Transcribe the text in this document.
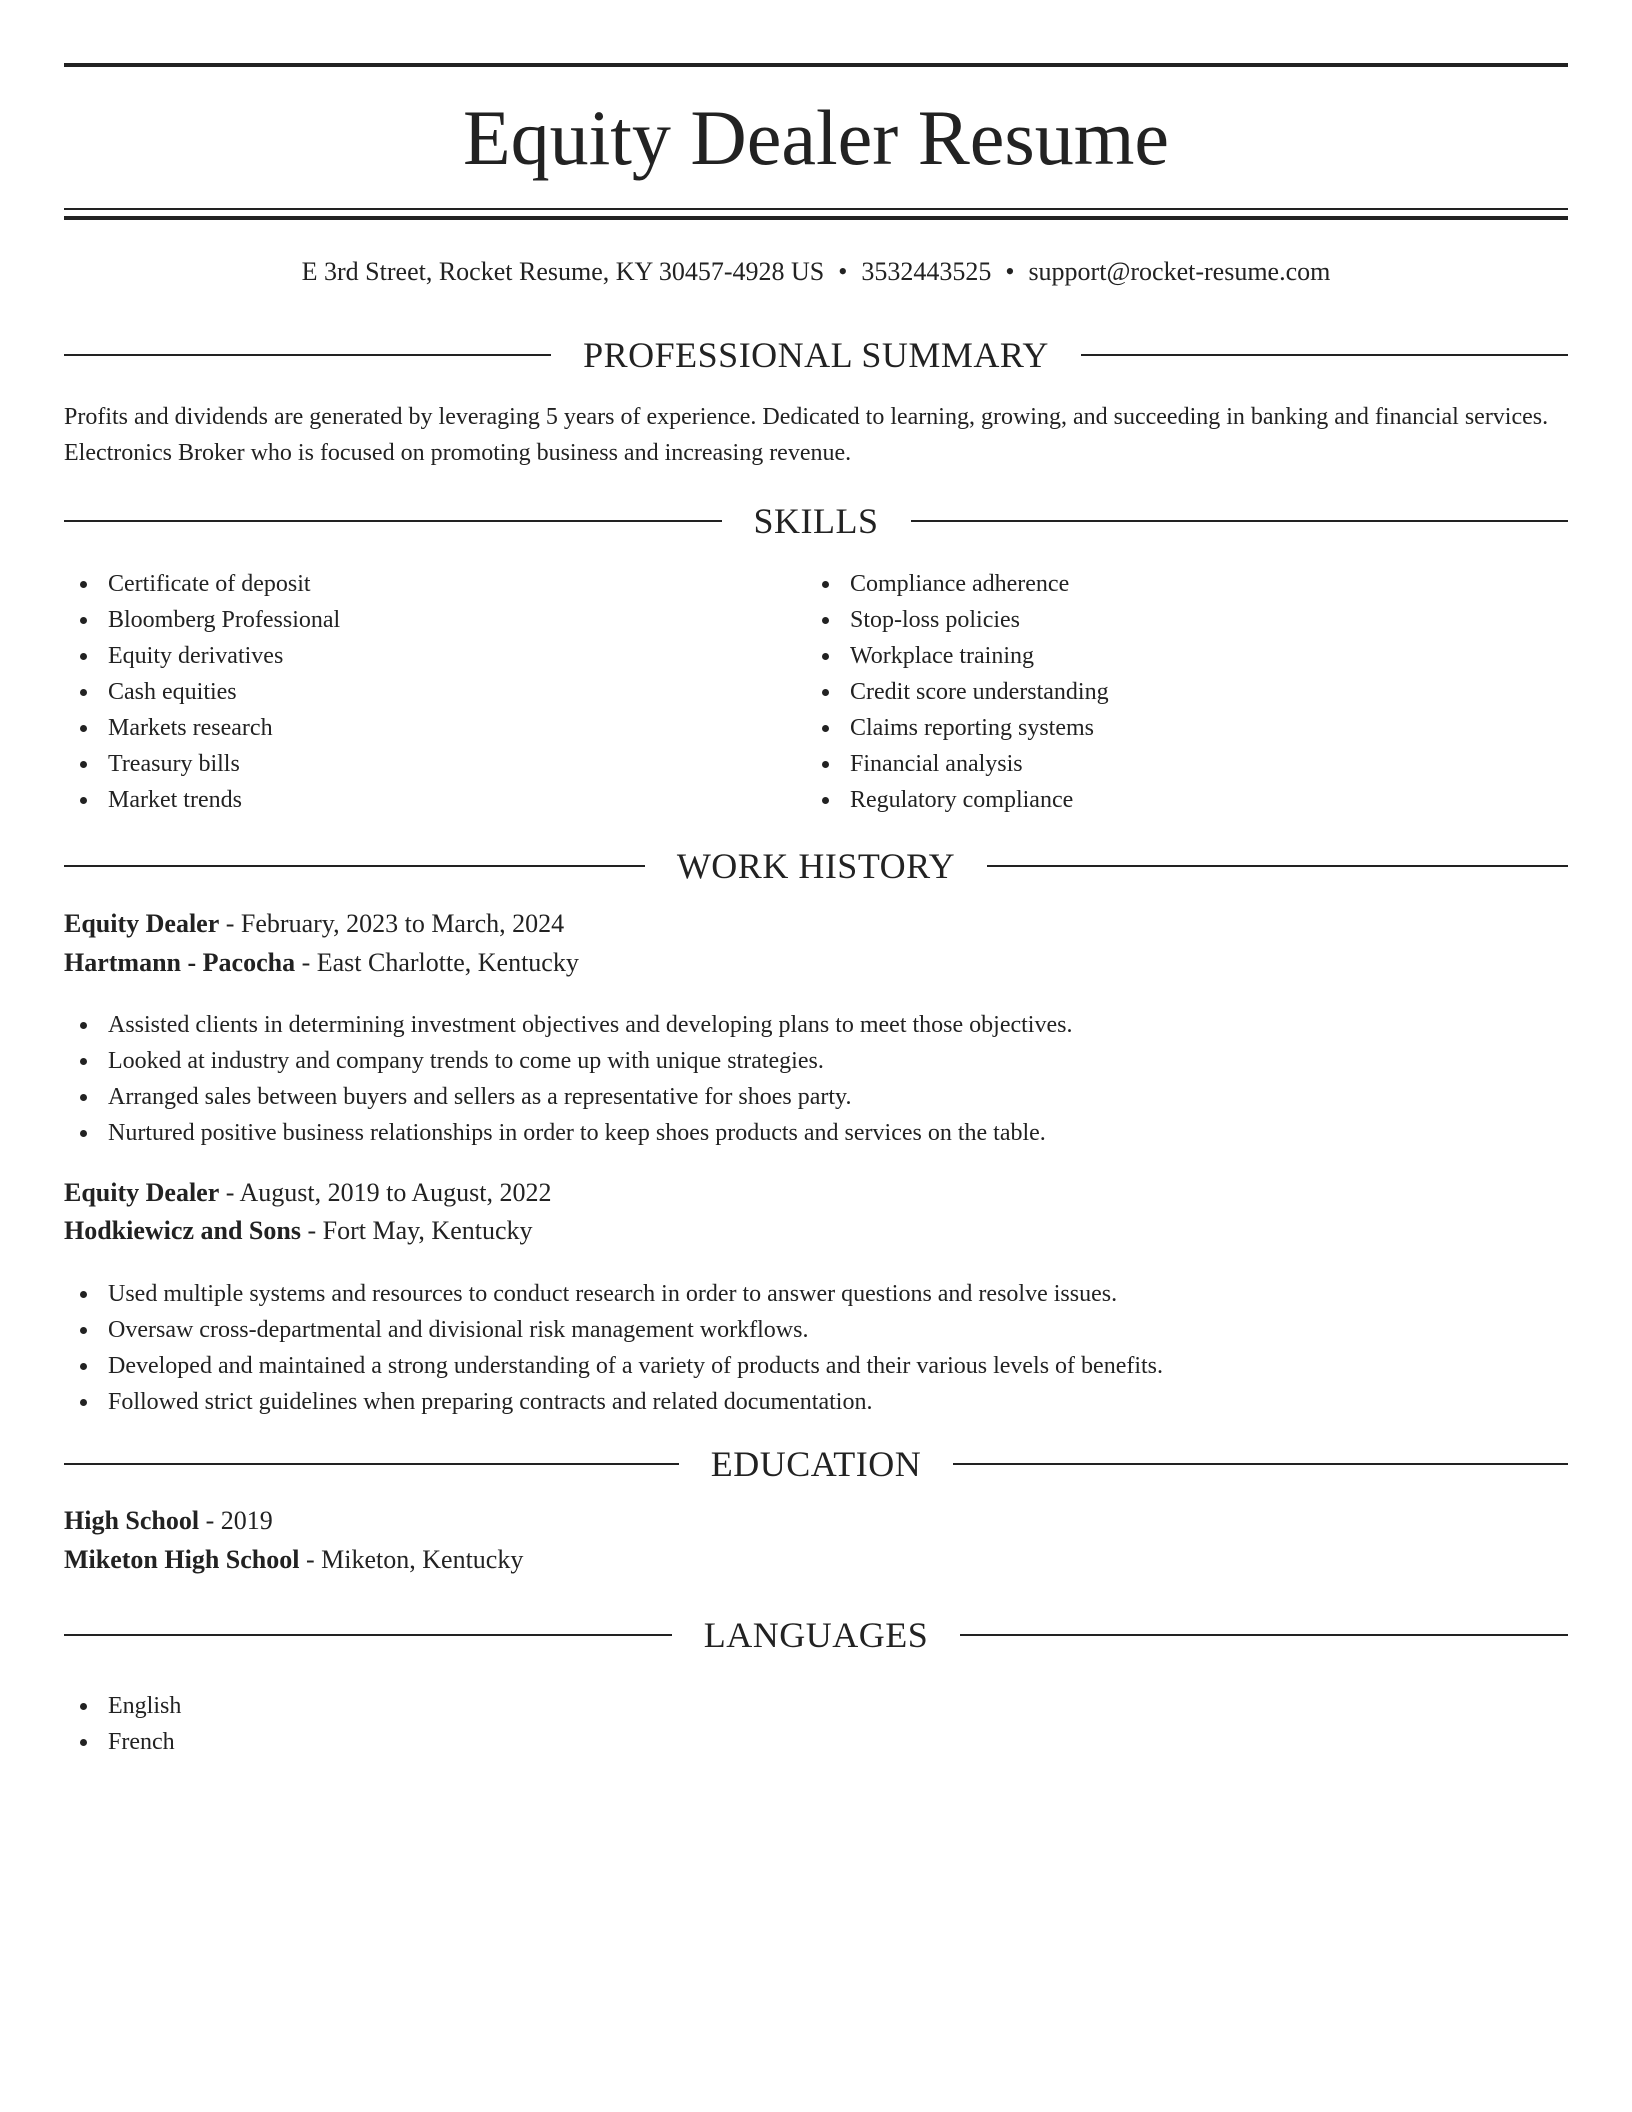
Equity Dealer Resume
E 3rd Street, Rocket Resume, KY 30457-4928 US • 3532443525 • support@rocket-resume.com
PROFESSIONAL SUMMARY

Profits and dividends are generated by leveraging 5 years of experience. Dedicated to learning, growing, and succeeding in banking and financial services. Electronics Broker who is focused on promoting business and increasing revenue.

SKILLS
Certificate of deposit
Bloomberg Professional
Equity derivatives
Cash equities
Markets research
Treasury bills
Market trends
Compliance adherence
Stop-loss policies
Workplace training
Credit score understanding
Claims reporting systems
Financial analysis
Regulatory compliance
WORK HISTORY
Equity Dealer - February, 2023 to March, 2024
Hartmann - Pacocha - East Charlotte, Kentucky
Assisted clients in determining investment objectives and developing plans to meet those objectives.
Looked at industry and company trends to come up with unique strategies.
Arranged sales between buyers and sellers as a representative for shoes party.
Nurtured positive business relationships in order to keep shoes products and services on the table.
Equity Dealer - August, 2019 to August, 2022
Hodkiewicz and Sons - Fort May, Kentucky
Used multiple systems and resources to conduct research in order to answer questions and resolve issues.
Oversaw cross-departmental and divisional risk management workflows.
Developed and maintained a strong understanding of a variety of products and their various levels of benefits.
Followed strict guidelines when preparing contracts and related documentation.
EDUCATION
High School - 2019
Miketon High School - Miketon, Kentucky
LANGUAGES
English
French
